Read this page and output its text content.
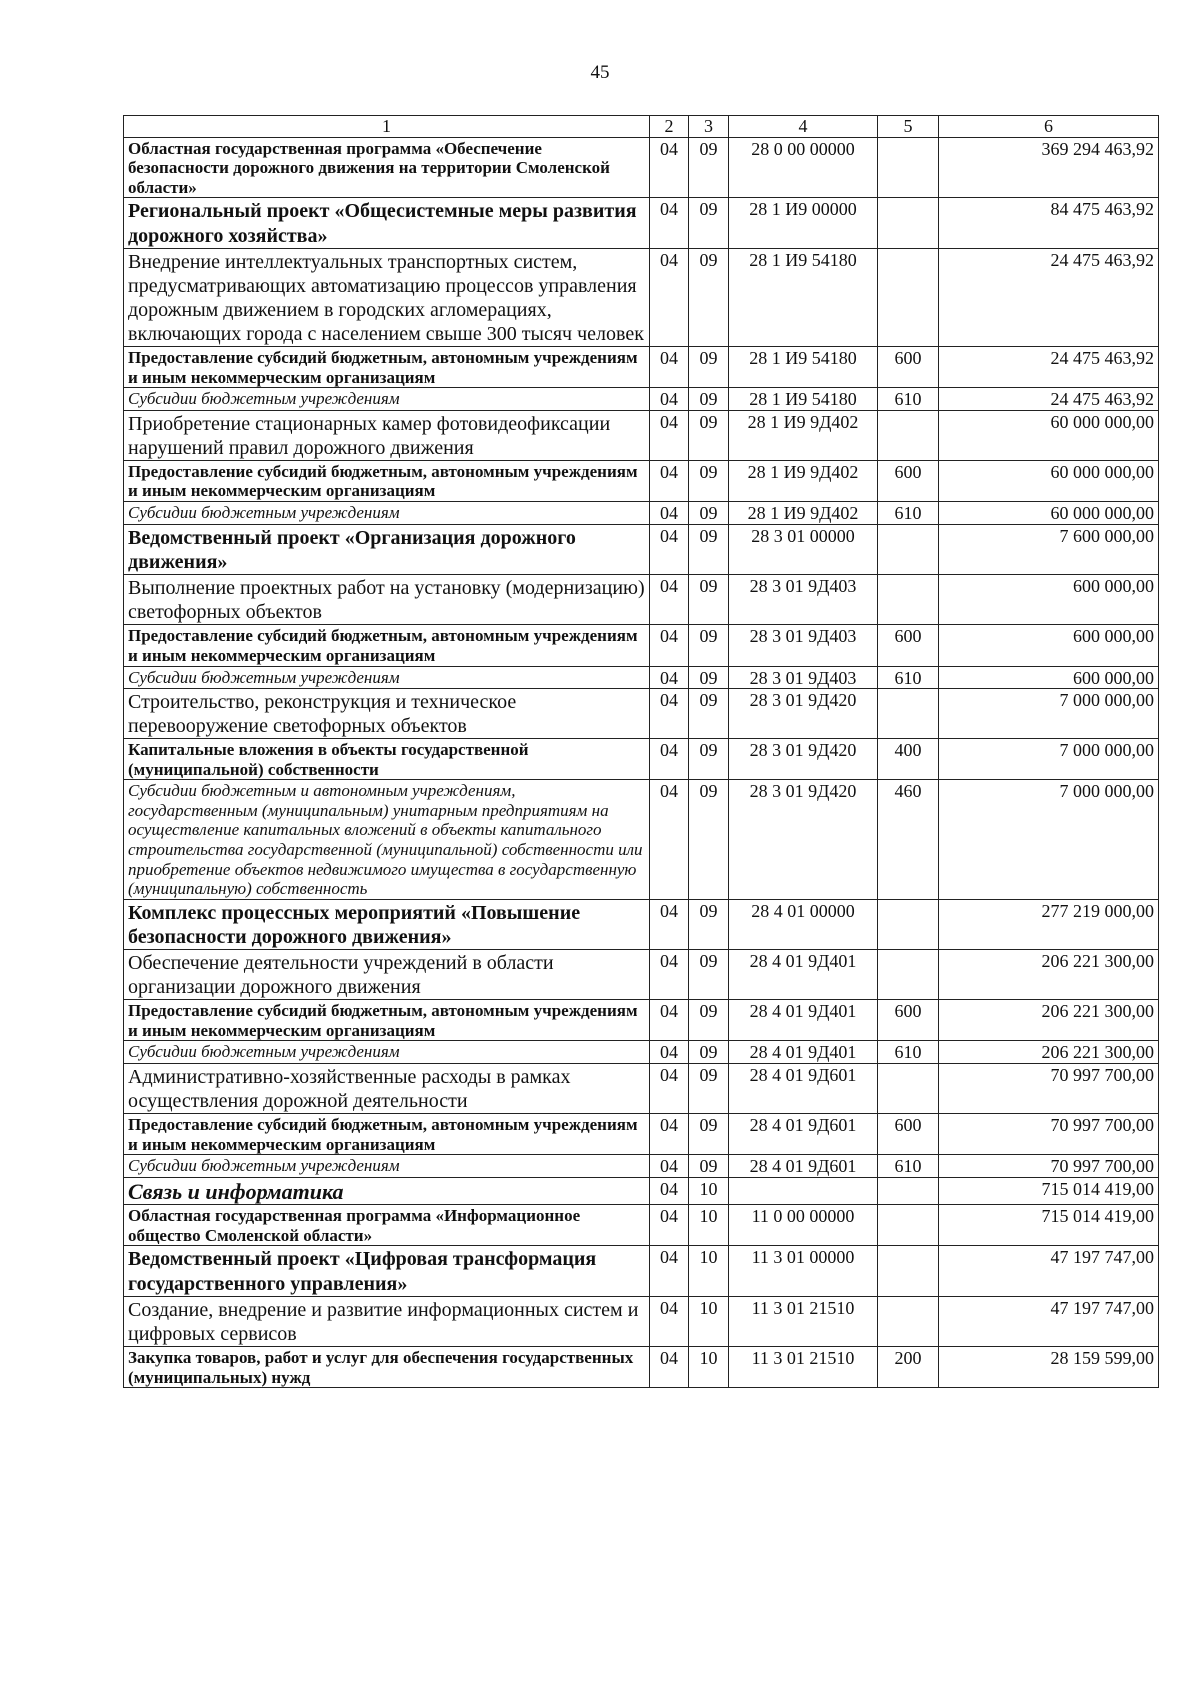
45
1	2	3	4	5	6
Областная государственная программа «Обеспечение безопасности дорожного движения на территории Смоленской области»	04	09	28 0 00 00000		369 294 463,92
Региональный проект «Общесистемные меры развития дорожного хозяйства»	04	09	28 1 И9 00000		84 475 463,92
Внедрение интеллектуальных транспортных систем, предусматривающих автоматизацию процессов управления дорожным движением в городских агломерациях, включающих города с населением свыше 300 тысяч человек	04	09	28 1 И9 54180		24 475 463,92
Предоставление субсидий бюджетным, автономным учреждениям и иным некоммерческим организациям	04	09	28 1 И9 54180	600	24 475 463,92
Субсидии бюджетным учреждениям	04	09	28 1 И9 54180	610	24 475 463,92
Приобретение стационарных камер фотовидеофиксации нарушений правил дорожного движения	04	09	28 1 И9 9Д402		60 000 000,00
Предоставление субсидий бюджетным, автономным учреждениям и иным некоммерческим организациям	04	09	28 1 И9 9Д402	600	60 000 000,00
Субсидии бюджетным учреждениям	04	09	28 1 И9 9Д402	610	60 000 000,00
Ведомственный проект «Организация дорожного движения»	04	09	28 3 01 00000		7 600 000,00
Выполнение проектных работ на установку (модернизацию) светофорных объектов	04	09	28 3 01 9Д403		600 000,00
Предоставление субсидий бюджетным, автономным учреждениям и иным некоммерческим организациям	04	09	28 3 01 9Д403	600	600 000,00
Субсидии бюджетным учреждениям	04	09	28 3 01 9Д403	610	600 000,00
Строительство, реконструкция и техническое перевооружение светофорных объектов	04	09	28 3 01 9Д420		7 000 000,00
Капитальные вложения в объекты государственной (муниципальной) собственности	04	09	28 3 01 9Д420	400	7 000 000,00
Субсидии бюджетным и автономным учреждениям, государственным (муниципальным) унитарным предприятиям на осуществление капитальных вложений в объекты капитального строительства государственной (муниципальной) собственности или приобретение объектов недвижимого имущества в государственную (муниципальную) собственность	04	09	28 3 01 9Д420	460	7 000 000,00
Комплекс процессных мероприятий «Повышение безопасности дорожного движения»	04	09	28 4 01 00000		277 219 000,00
Обеспечение деятельности учреждений в области организации дорожного движения	04	09	28 4 01 9Д401		206 221 300,00
Предоставление субсидий бюджетным, автономным учреждениям и иным некоммерческим организациям	04	09	28 4 01 9Д401	600	206 221 300,00
Субсидии бюджетным учреждениям	04	09	28 4 01 9Д401	610	206 221 300,00
Административно-хозяйственные расходы в рамках осуществления дорожной деятельности	04	09	28 4 01 9Д601		70 997 700,00
Предоставление субсидий бюджетным, автономным учреждениям и иным некоммерческим организациям	04	09	28 4 01 9Д601	600	70 997 700,00
Субсидии бюджетным учреждениям	04	09	28 4 01 9Д601	610	70 997 700,00
Связь и информатика	04	10			715 014 419,00
Областная государственная программа «Информационное общество Смоленской области»	04	10	11 0 00 00000		715 014 419,00
Ведомственный проект «Цифровая трансформация государственного управления»	04	10	11 3 01 00000		47 197 747,00
Создание, внедрение и развитие информационных систем и цифровых сервисов	04	10	11 3 01 21510		47 197 747,00
Закупка товаров, работ и услуг для обеспечения государственных (муниципальных) нужд	04	10	11 3 01 21510	200	28 159 599,00
